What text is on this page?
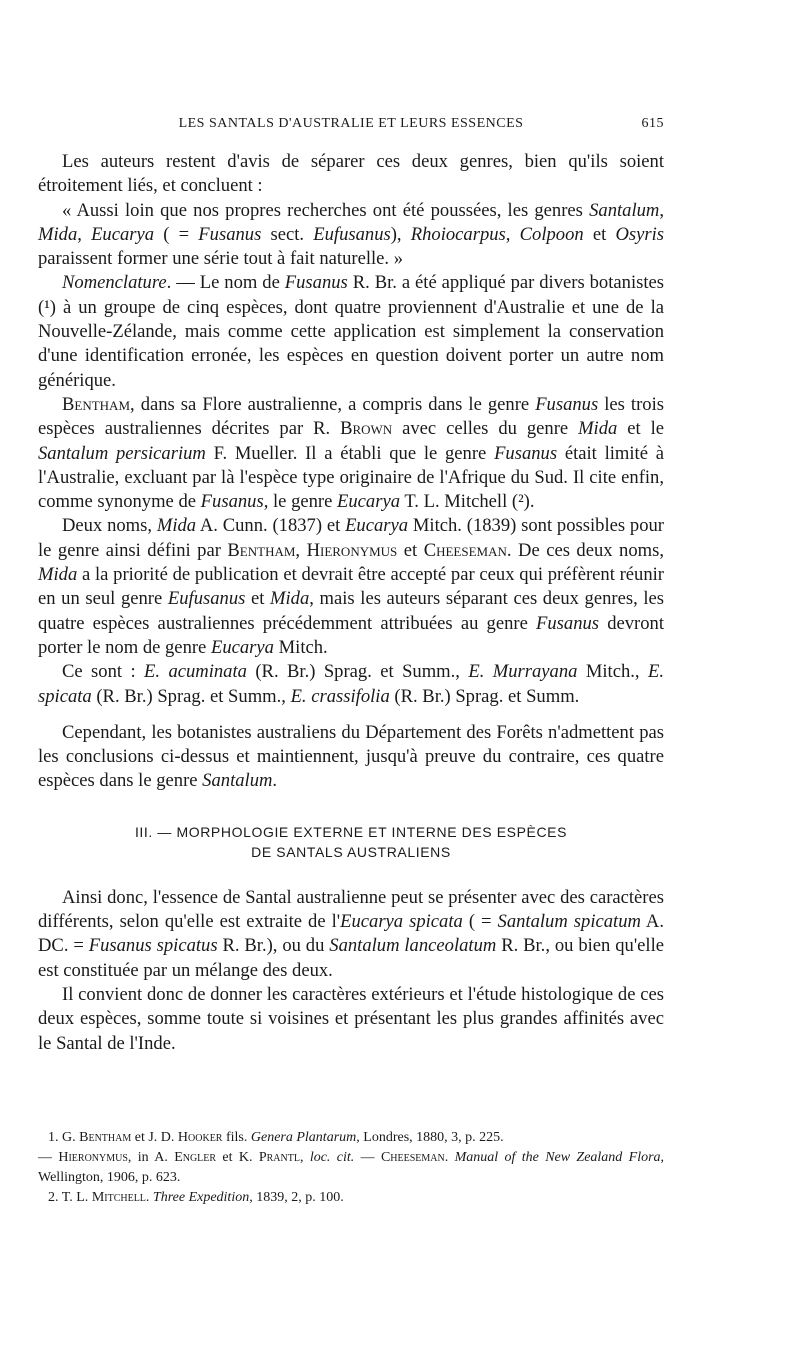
LES SANTALS D'AUSTRALIE ET LEURS ESSENCES	615

Les auteurs restent d'avis de séparer ces deux genres, bien qu'ils soient étroitement liés, et concluent :

« Aussi loin que nos propres recherches ont été poussées, les genres Santalum, Mida, Eucarya ( = Fusanus sect. Eufusanus), Rhoiocarpus, Colpoon et Osyris paraissent former une série tout à fait naturelle. »

Nomenclature. — Le nom de Fusanus R. Br. a été appliqué par divers botanistes (¹) à un groupe de cinq espèces, dont quatre proviennent d'Australie et une de la Nouvelle-Zélande, mais comme cette application est simplement la conservation d'une identification erronée, les espèces en question doivent porter un autre nom générique.

Bentham, dans sa Flore australienne, a compris dans le genre Fusanus les trois espèces australiennes décrites par R. Brown avec celles du genre Mida et le Santalum persicarium F. Mueller. Il a établi que le genre Fusanus était limité à l'Australie, excluant par là l'espèce type originaire de l'Afrique du Sud. Il cite enfin, comme synonyme de Fusanus, le genre Eucarya T. L. Mitchell (²).

Deux noms, Mida A. Cunn. (1837) et Eucarya Mitch. (1839) sont possibles pour le genre ainsi défini par Bentham, Hieronymus et Cheeseman. De ces deux noms, Mida a la priorité de publication et devrait être accepté par ceux qui préfèrent réunir en un seul genre Eufusanus et Mida, mais les auteurs séparant ces deux genres, les quatre espèces australiennes précédemment attribuées au genre Fusanus devront porter le nom de genre Eucarya Mitch.

Ce sont : E. acuminata (R. Br.) Sprag. et Summ., E. Murrayana Mitch., E. spicata (R. Br.) Sprag. et Summ., E. crassifolia (R. Br.) Sprag. et Summ.

Cependant, les botanistes australiens du Département des Forêts n'admettent pas les conclusions ci-dessus et maintiennent, jusqu'à preuve du contraire, ces quatre espèces dans le genre Santalum.

III. — MORPHOLOGIE EXTERNE ET INTERNE DES ESPÈCES
DE SANTALS AUSTRALIENS

Ainsi donc, l'essence de Santal australienne peut se présenter avec des caractères différents, selon qu'elle est extraite de l'Eucarya spicata ( = Santalum spicatum A. DC. = Fusanus spicatus R. Br.), ou du Santalum lanceolatum R. Br., ou bien qu'elle est constituée par un mélange des deux.

Il convient donc de donner les caractères extérieurs et l'étude histologique de ces deux espèces, somme toute si voisines et présentant les plus grandes affinités avec le Santal de l'Inde.

1. G. Bentham et J. D. Hooker fils. Genera Plantarum, Londres, 1880, 3, p. 225.

— Hieronymus, in A. Engler et K. Prantl, loc. cit. — Cheeseman. Manual of the New Zealand Flora, Wellington, 1906, p. 623.

2. T. L. Mitchell. Three Expedition, 1839, 2, p. 100.
